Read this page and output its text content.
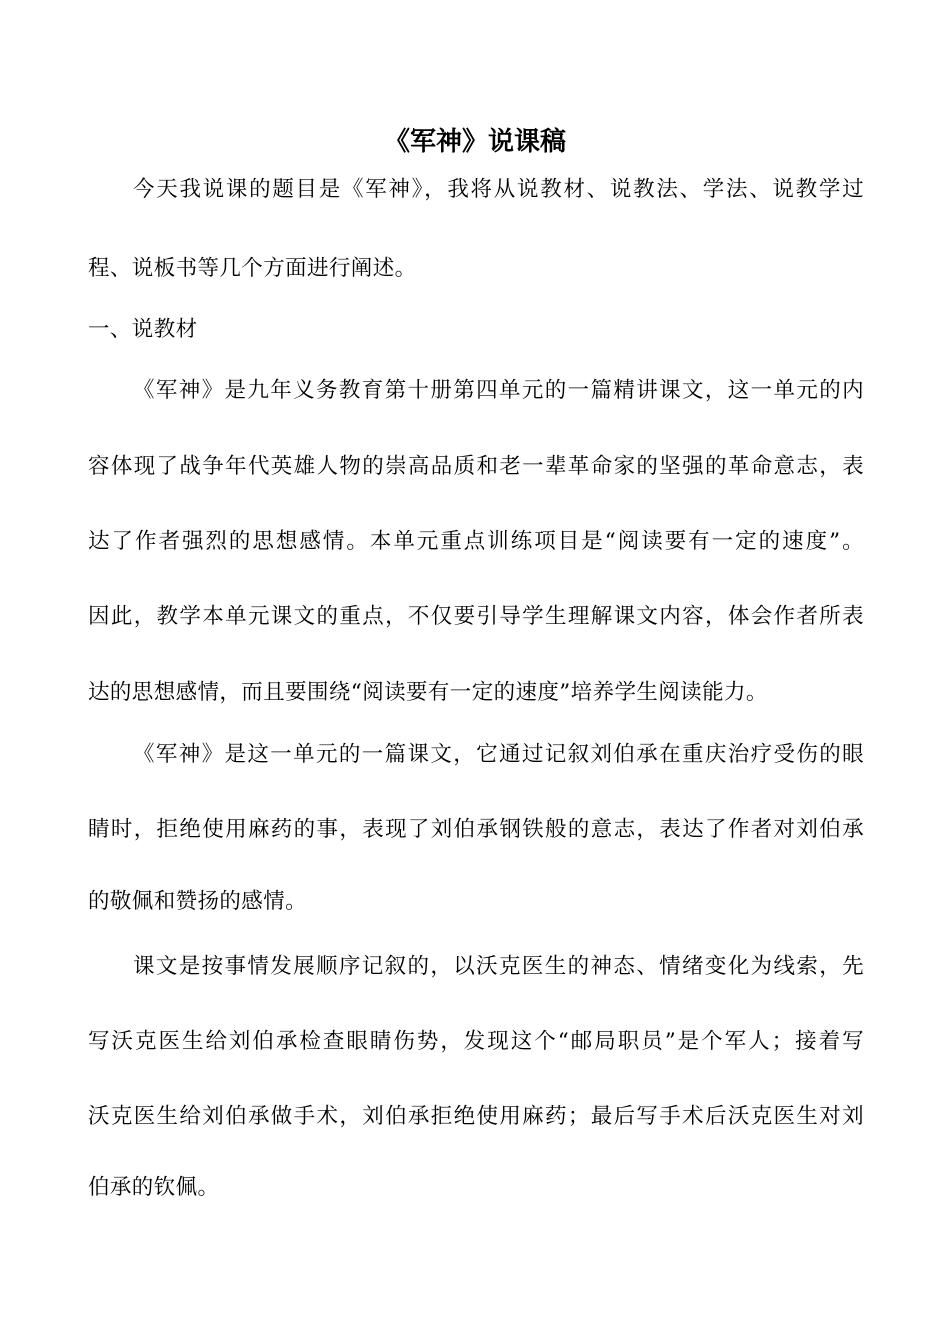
《军神》说课稿
今天我说课的题目是《军神》，我将从说教材、说教法、学法、说教学过
程、说板书等几个方面进行阐述。
一、说教材
《军神》是九年义务教育第十册第四单元的一篇精讲课文，这一单元的内
容体现了战争年代英雄人物的崇高品质和老一辈革命家的坚强的革命意志，表
达了作者强烈的思想感情。本单元重点训练项目是“阅读要有一定的速度”。
因此，教学本单元课文的重点，不仅要引导学生理解课文内容，体会作者所表
达的思想感情，而且要围绕“阅读要有一定的速度”培养学生阅读能力。
《军神》是这一单元的一篇课文，它通过记叙刘伯承在重庆治疗受伤的眼
睛时，拒绝使用麻药的事，表现了刘伯承钢铁般的意志，表达了作者对刘伯承
的敬佩和赞扬的感情。
课文是按事情发展顺序记叙的，以沃克医生的神态、情绪变化为线索，先
写沃克医生给刘伯承检查眼睛伤势，发现这个“邮局职员”是个军人；接着写
沃克医生给刘伯承做手术，刘伯承拒绝使用麻药；最后写手术后沃克医生对刘
伯承的钦佩。
